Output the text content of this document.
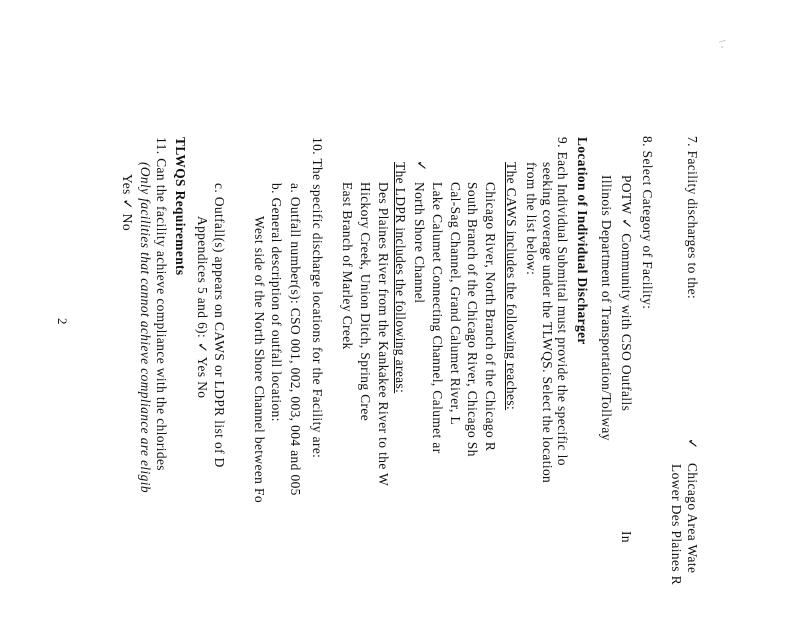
\ ·
7. Facility discharges to the:
✓
Chicago Area Wate
Lower Des Plaines R
8. Select Category of Facility:
POTW ✓ Community with CSO Outfalls
In
Illinois Department of Transportation/Tollway
Location of Individual Discharger
9. Each Individual Submittal must provide the specific lo
seeking coverage under the TLWQS. Select the location
from the list below:
The CAWS includes the following reaches:
Chicago River, North Branch of the Chicago R
South Branch of the Chicago River, Chicago Sh
Cal-Sag Channel, Grand Calumet River, L
Lake Calumet Connecting Channel, Calumet ar
✓
North Shore Channel
The LDPR includes the following areas:
Des Plaines River from the Kankakee River to the W
Hickory Creek, Union Ditch, Spring Cree
East Branch of Marley Creek
10. The specific discharge locations for the Facility are:
a. Outfall number(s): CSO 001, 002, 003, 004 and 005
b. General description of outfall location:
West side of the North Shore Channel between Fo
c. Outfall(s) appears on CAWS or LDPR list of D
Appendices 5 and 6): ✓ Yes No
TLWQS Requirements
11. Can the facility achieve compliance with the chlorides
(Only facilities that cannot achieve compliance are eligib
Yes ✓ No
2
